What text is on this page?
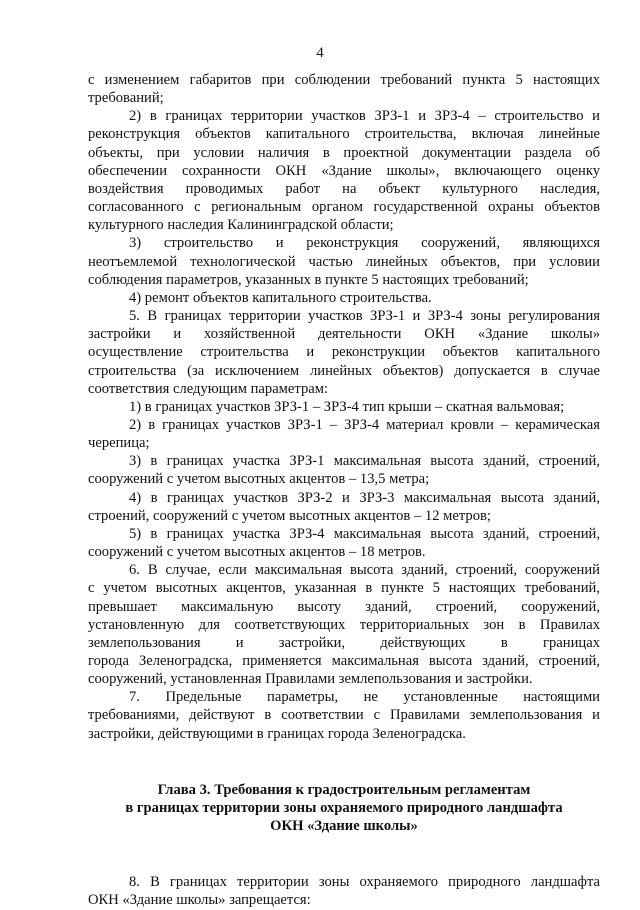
4
с изменением габаритов при соблюдении требований пункта 5 настоящих
требований;
2) в границах территории участков ЗРЗ-1 и ЗРЗ-4 – строительство и
реконструкция объектов капитального строительства, включая линейные
объекты, при условии наличия в проектной документации раздела об
обеспечении сохранности ОКН «Здание школы», включающего оценку
воздействия проводимых работ на объект культурного наследия,
согласованного с региональным органом государственной охраны объектов
культурного наследия Калининградской области;
3) строительство и реконструкция сооружений, являющихся
неотъемлемой технологической частью линейных объектов, при условии
соблюдения параметров, указанных в пункте 5 настоящих требований;
4) ремонт объектов капитального строительства.
5. В границах территории участков ЗРЗ-1 и ЗРЗ-4 зоны регулирования
застройки и хозяйственной деятельности ОКН «Здание школы»
осуществление строительства и реконструкции объектов капитального
строительства (за исключением линейных объектов) допускается в случае
соответствия следующим параметрам:
1) в границах участков ЗРЗ-1 – ЗРЗ-4 тип крыши – скатная вальмовая;
2) в границах участков ЗРЗ-1 – ЗРЗ-4 материал кровли – керамическая
черепица;
3) в границах участка ЗРЗ-1 максимальная высота зданий, строений,
сооружений с учетом высотных акцентов – 13,5 метра;
4) в границах участков ЗРЗ-2 и ЗРЗ-3 максимальная высота зданий,
строений, сооружений с учетом высотных акцентов – 12 метров;
5) в границах участка ЗРЗ-4 максимальная высота зданий, строений,
сооружений с учетом высотных акцентов – 18 метров.
6. В случае, если максимальная высота зданий, строений, сооружений
с учетом высотных акцентов, указанная в пункте 5 настоящих требований,
превышает максимальную высоту зданий, строений, сооружений,
установленную для соответствующих территориальных зон в Правилах
землепользования и застройки, действующих в границах
города Зеленоградска, применяется максимальная высота зданий, строений,
сооружений, установленная Правилами землепользования и застройки.
7. Предельные параметры, не установленные настоящими
требованиями, действуют в соответствии с Правилами землепользования и
застройки, действующими в границах города Зеленоградска.
Глава 3. Требования к градостроительным регламентам
в границах территории зоны охраняемого природного ландшафта
ОКН «Здание школы»
8. В границах территории зоны охраняемого природного ландшафта
ОКН «Здание школы» запрещается:
